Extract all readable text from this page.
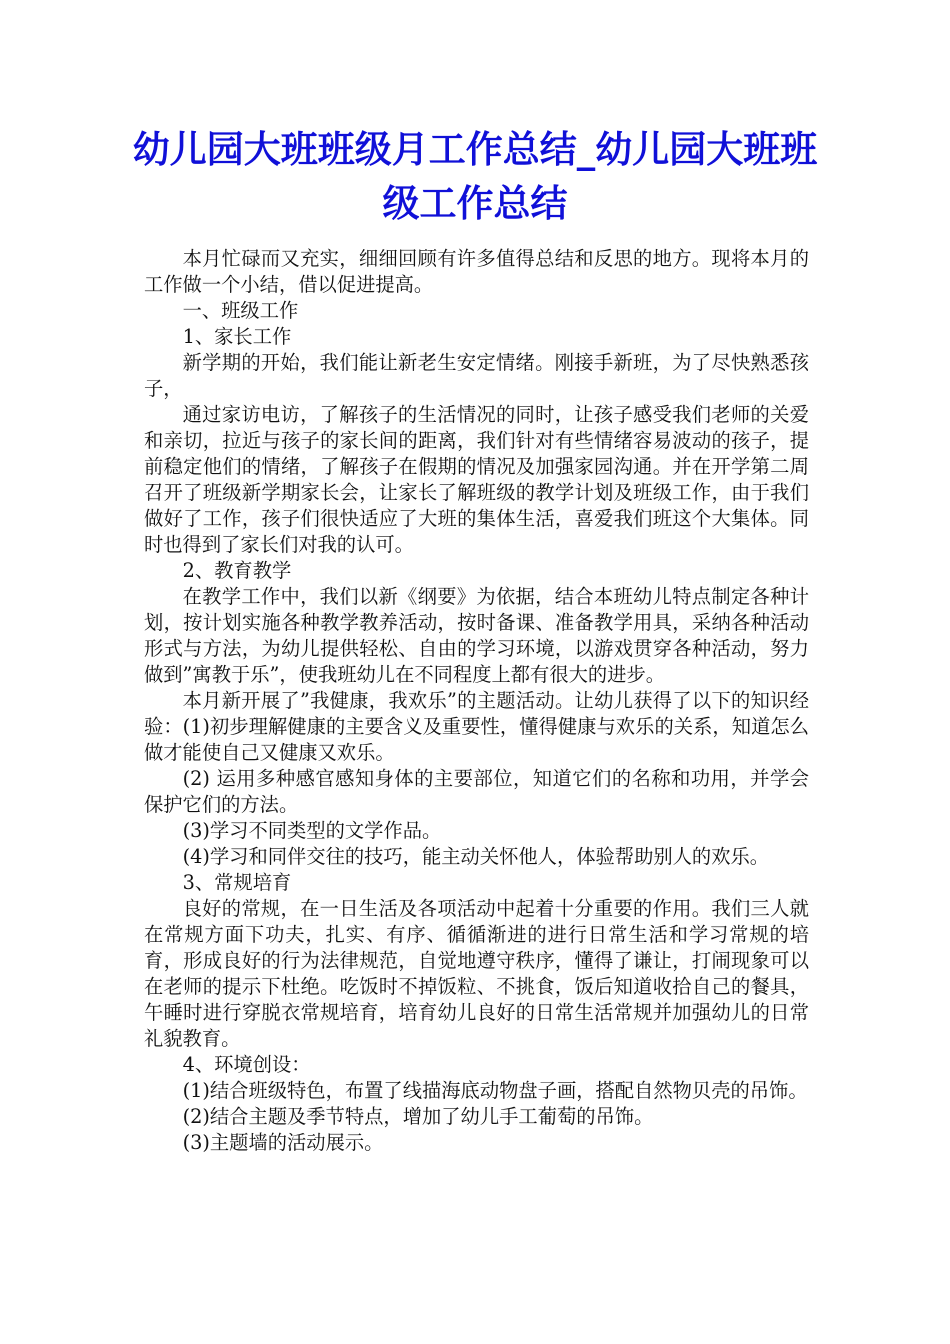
幼儿园大班班级月工作总结_幼儿园大班班级工作总结

本月忙碌而又充实，细细回顾有许多值得总结和反思的地方。现将本月的工作做一个小结，借以促进提高。

一、班级工作

1、家长工作

新学期的开始，我们能让新老生安定情绪。刚接手新班，为了尽快熟悉孩子，

通过家访电访，了解孩子的生活情况的同时，让孩子感受我们老师的关爱和亲切，拉近与孩子的家长间的距离，我们针对有些情绪容易波动的孩子，提前稳定他们的情绪，了解孩子在假期的情况及加强家园沟通。并在开学第二周召开了班级新学期家长会，让家长了解班级的教学计划及班级工作，由于我们做好了工作，孩子们很快适应了大班的集体生活，喜爱我们班这个大集体。同时也得到了家长们对我的认可。

2、教育教学

在教学工作中，我们以新《纲要》为依据，结合本班幼儿特点制定各种计划，按计划实施各种教学教养活动，按时备课、准备教学用具，采纳各种活动形式与方法，为幼儿提供轻松、自由的学习环境，以游戏贯穿各种活动，努力做到”寓教于乐”，使我班幼儿在不同程度上都有很大的进步。

本月新开展了”我健康，我欢乐”的主题活动。让幼儿获得了以下的知识经验：(1)初步理解健康的主要含义及重要性，懂得健康与欢乐的关系，知道怎么做才能使自己又健康又欢乐。

(2) 运用多种感官感知身体的主要部位，知道它们的名称和功用，并学会保护它们的方法。

(3)学习不同类型的文学作品。

(4)学习和同伴交往的技巧，能主动关怀他人，体验帮助别人的欢乐。

3、常规培育

良好的常规，在一日生活及各项活动中起着十分重要的作用。我们三人就在常规方面下功夫，扎实、有序、循循渐进的进行日常生活和学习常规的培育，形成良好的行为法律规范，自觉地遵守秩序，懂得了谦让，打闹现象可以在老师的提示下杜绝。吃饭时不掉饭粒、不挑食，饭后知道收拾自己的餐具，午睡时进行穿脱衣常规培育，培育幼儿良好的日常生活常规并加强幼儿的日常礼貌教育。

4、环境创设：

(1)结合班级特色，布置了线描海底动物盘子画，搭配自然物贝壳的吊饰。

(2)结合主题及季节特点，增加了幼儿手工葡萄的吊饰。

(3)主题墙的活动展示。
